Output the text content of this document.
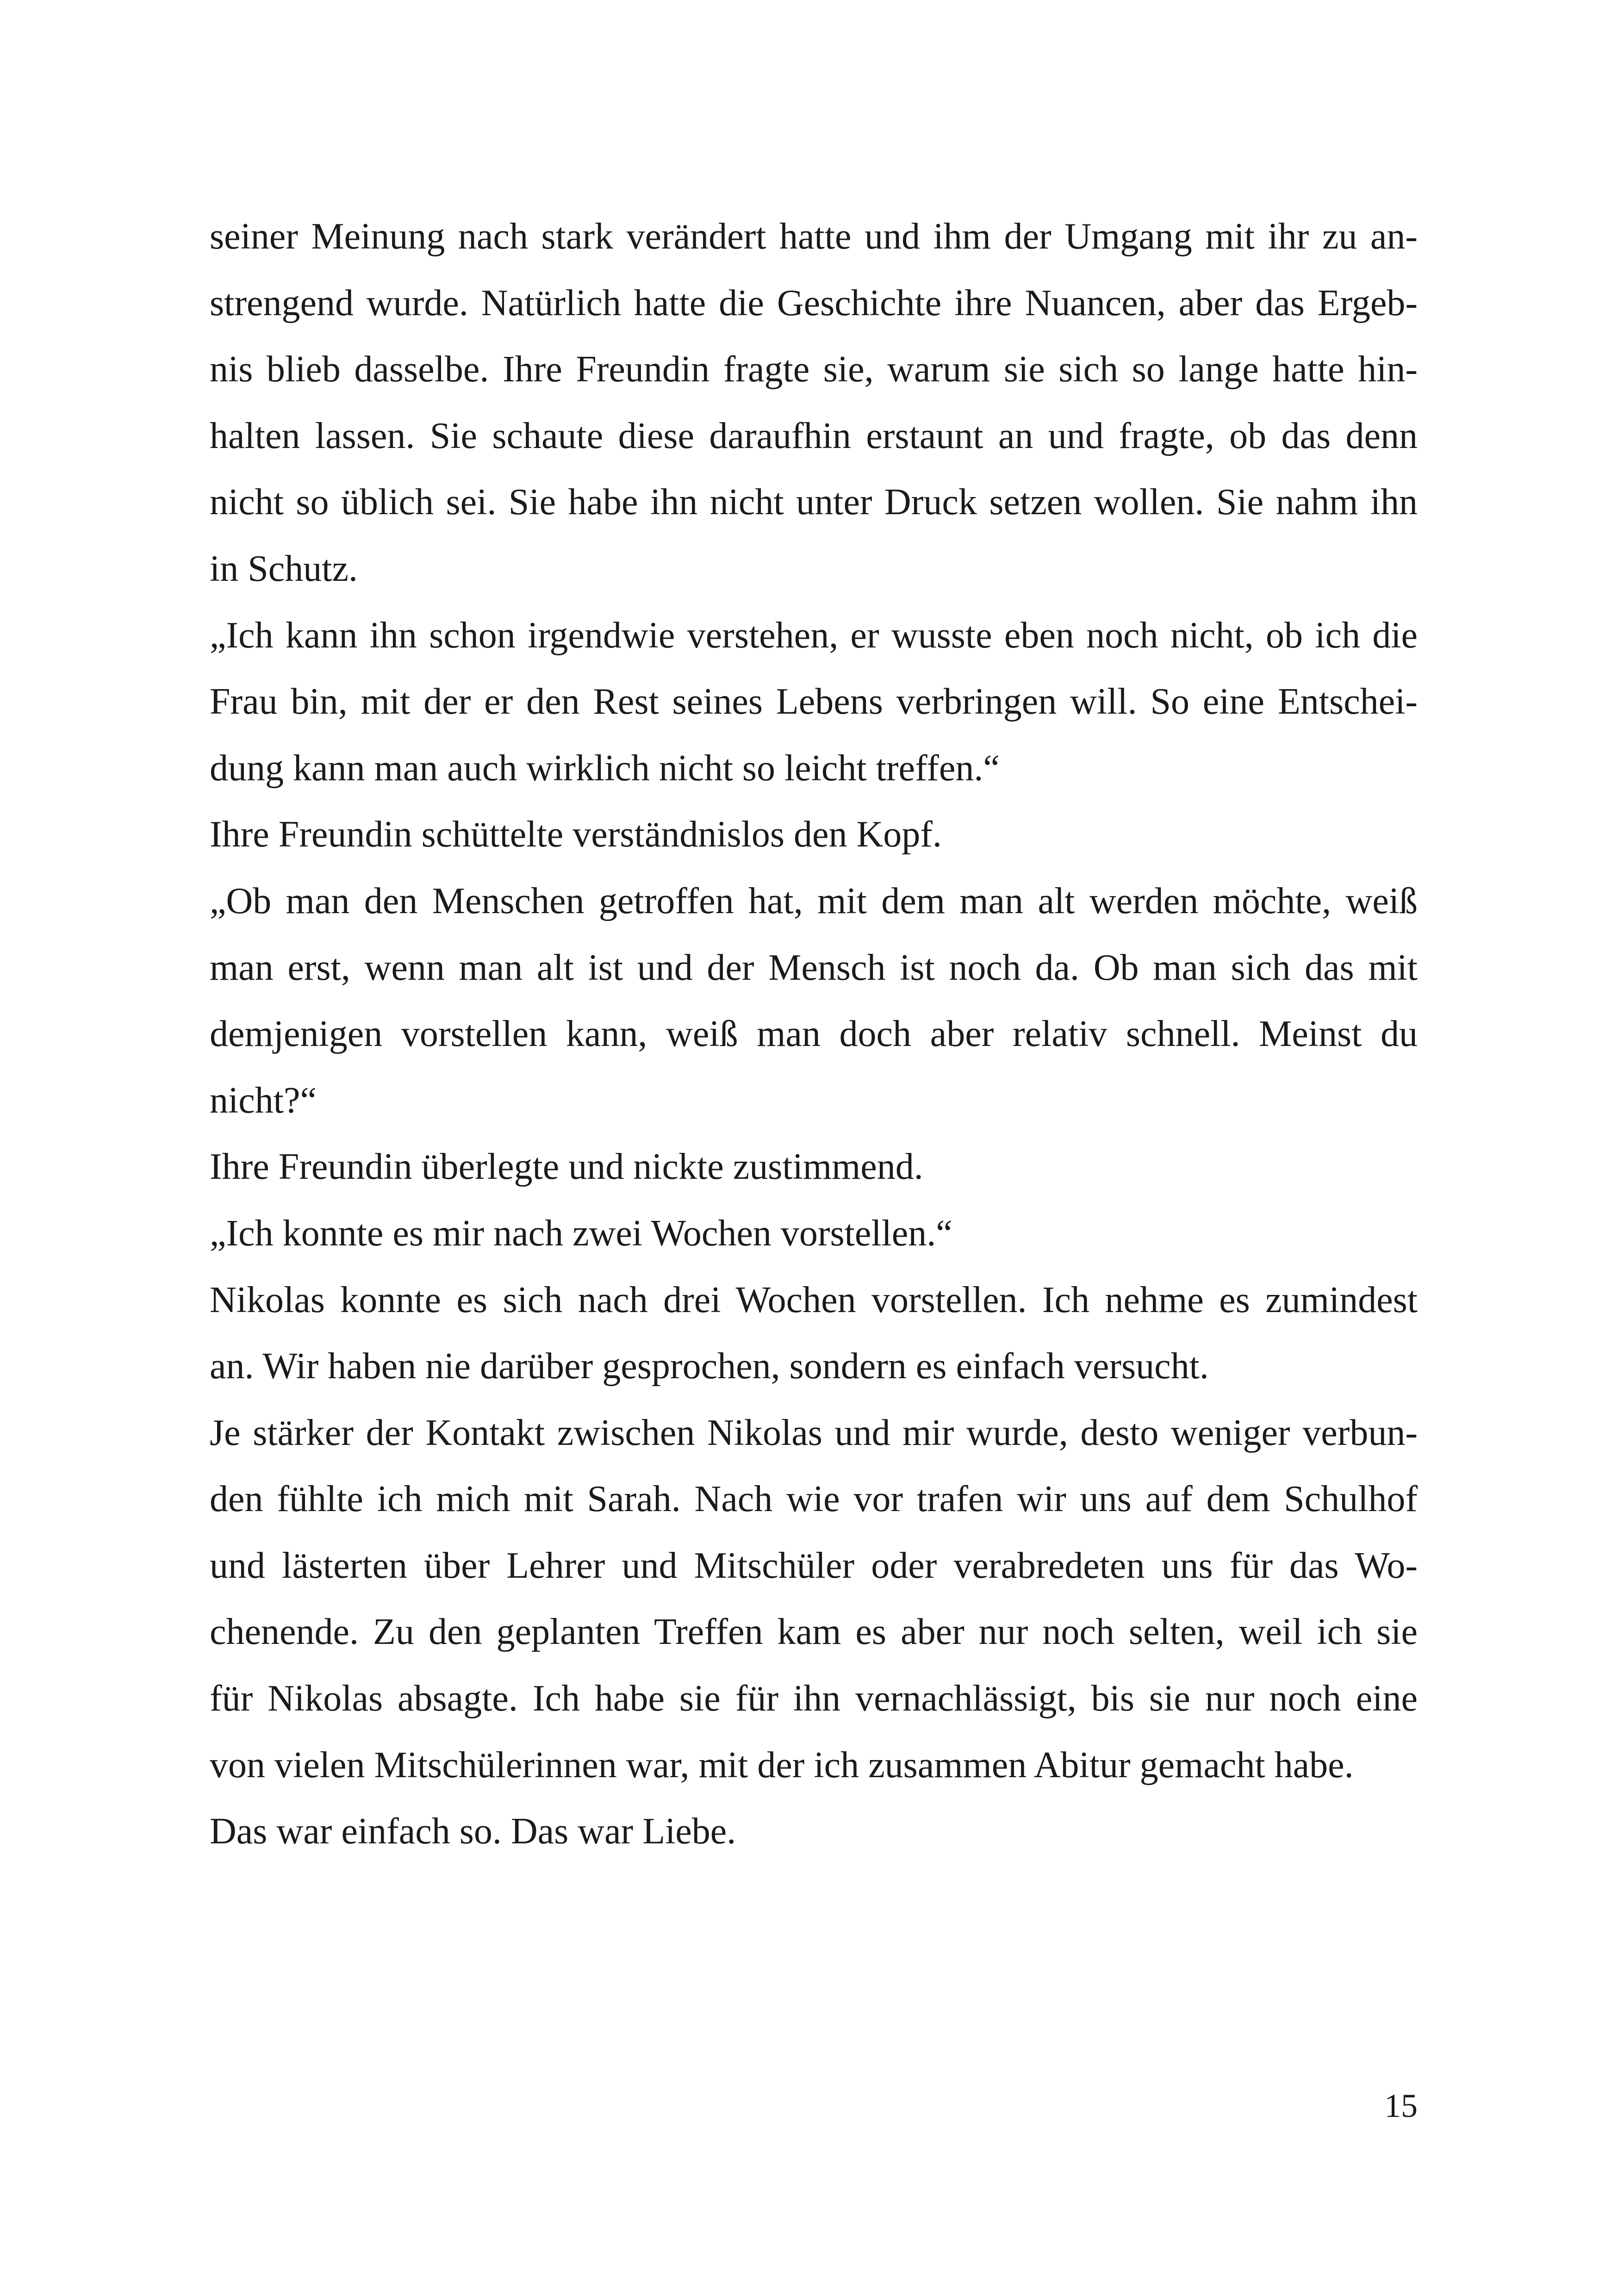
seiner Meinung nach stark verändert hatte und ihm der Umgang mit ihr zu an-
strengend wurde. Natürlich hatte die Geschichte ihre Nuancen, aber das Ergeb-
nis blieb dasselbe. Ihre Freundin fragte sie, warum sie sich so lange hatte hin-
halten lassen. Sie schaute diese daraufhin erstaunt an und fragte, ob das denn
nicht so üblich sei. Sie habe ihn nicht unter Druck setzen wollen. Sie nahm ihn
in Schutz.
„Ich kann ihn schon irgendwie verstehen, er wusste eben noch nicht, ob ich die
Frau bin, mit der er den Rest seines Lebens verbringen will. So eine Entschei-
dung kann man auch wirklich nicht so leicht treffen.“
Ihre Freundin schüttelte verständnislos den Kopf.
„Ob man den Menschen getroffen hat, mit dem man alt werden möchte, weiß
man erst, wenn man alt ist und der Mensch ist noch da. Ob man sich das mit
demjenigen vorstellen kann, weiß man doch aber relativ schnell. Meinst du
nicht?“
Ihre Freundin überlegte und nickte zustimmend.
„Ich konnte es mir nach zwei Wochen vorstellen.“
Nikolas konnte es sich nach drei Wochen vorstellen. Ich nehme es zumindest
an. Wir haben nie darüber gesprochen, sondern es einfach versucht.
Je stärker der Kontakt zwischen Nikolas und mir wurde, desto weniger verbun-
den fühlte ich mich mit Sarah. Nach wie vor trafen wir uns auf dem Schulhof
und lästerten über Lehrer und Mitschüler oder verabredeten uns für das Wo-
chenende. Zu den geplanten Treffen kam es aber nur noch selten, weil ich sie
für Nikolas absagte. Ich habe sie für ihn vernachlässigt, bis sie nur noch eine
von vielen Mitschülerinnen war, mit der ich zusammen Abitur gemacht habe.
Das war einfach so. Das war Liebe.
15
